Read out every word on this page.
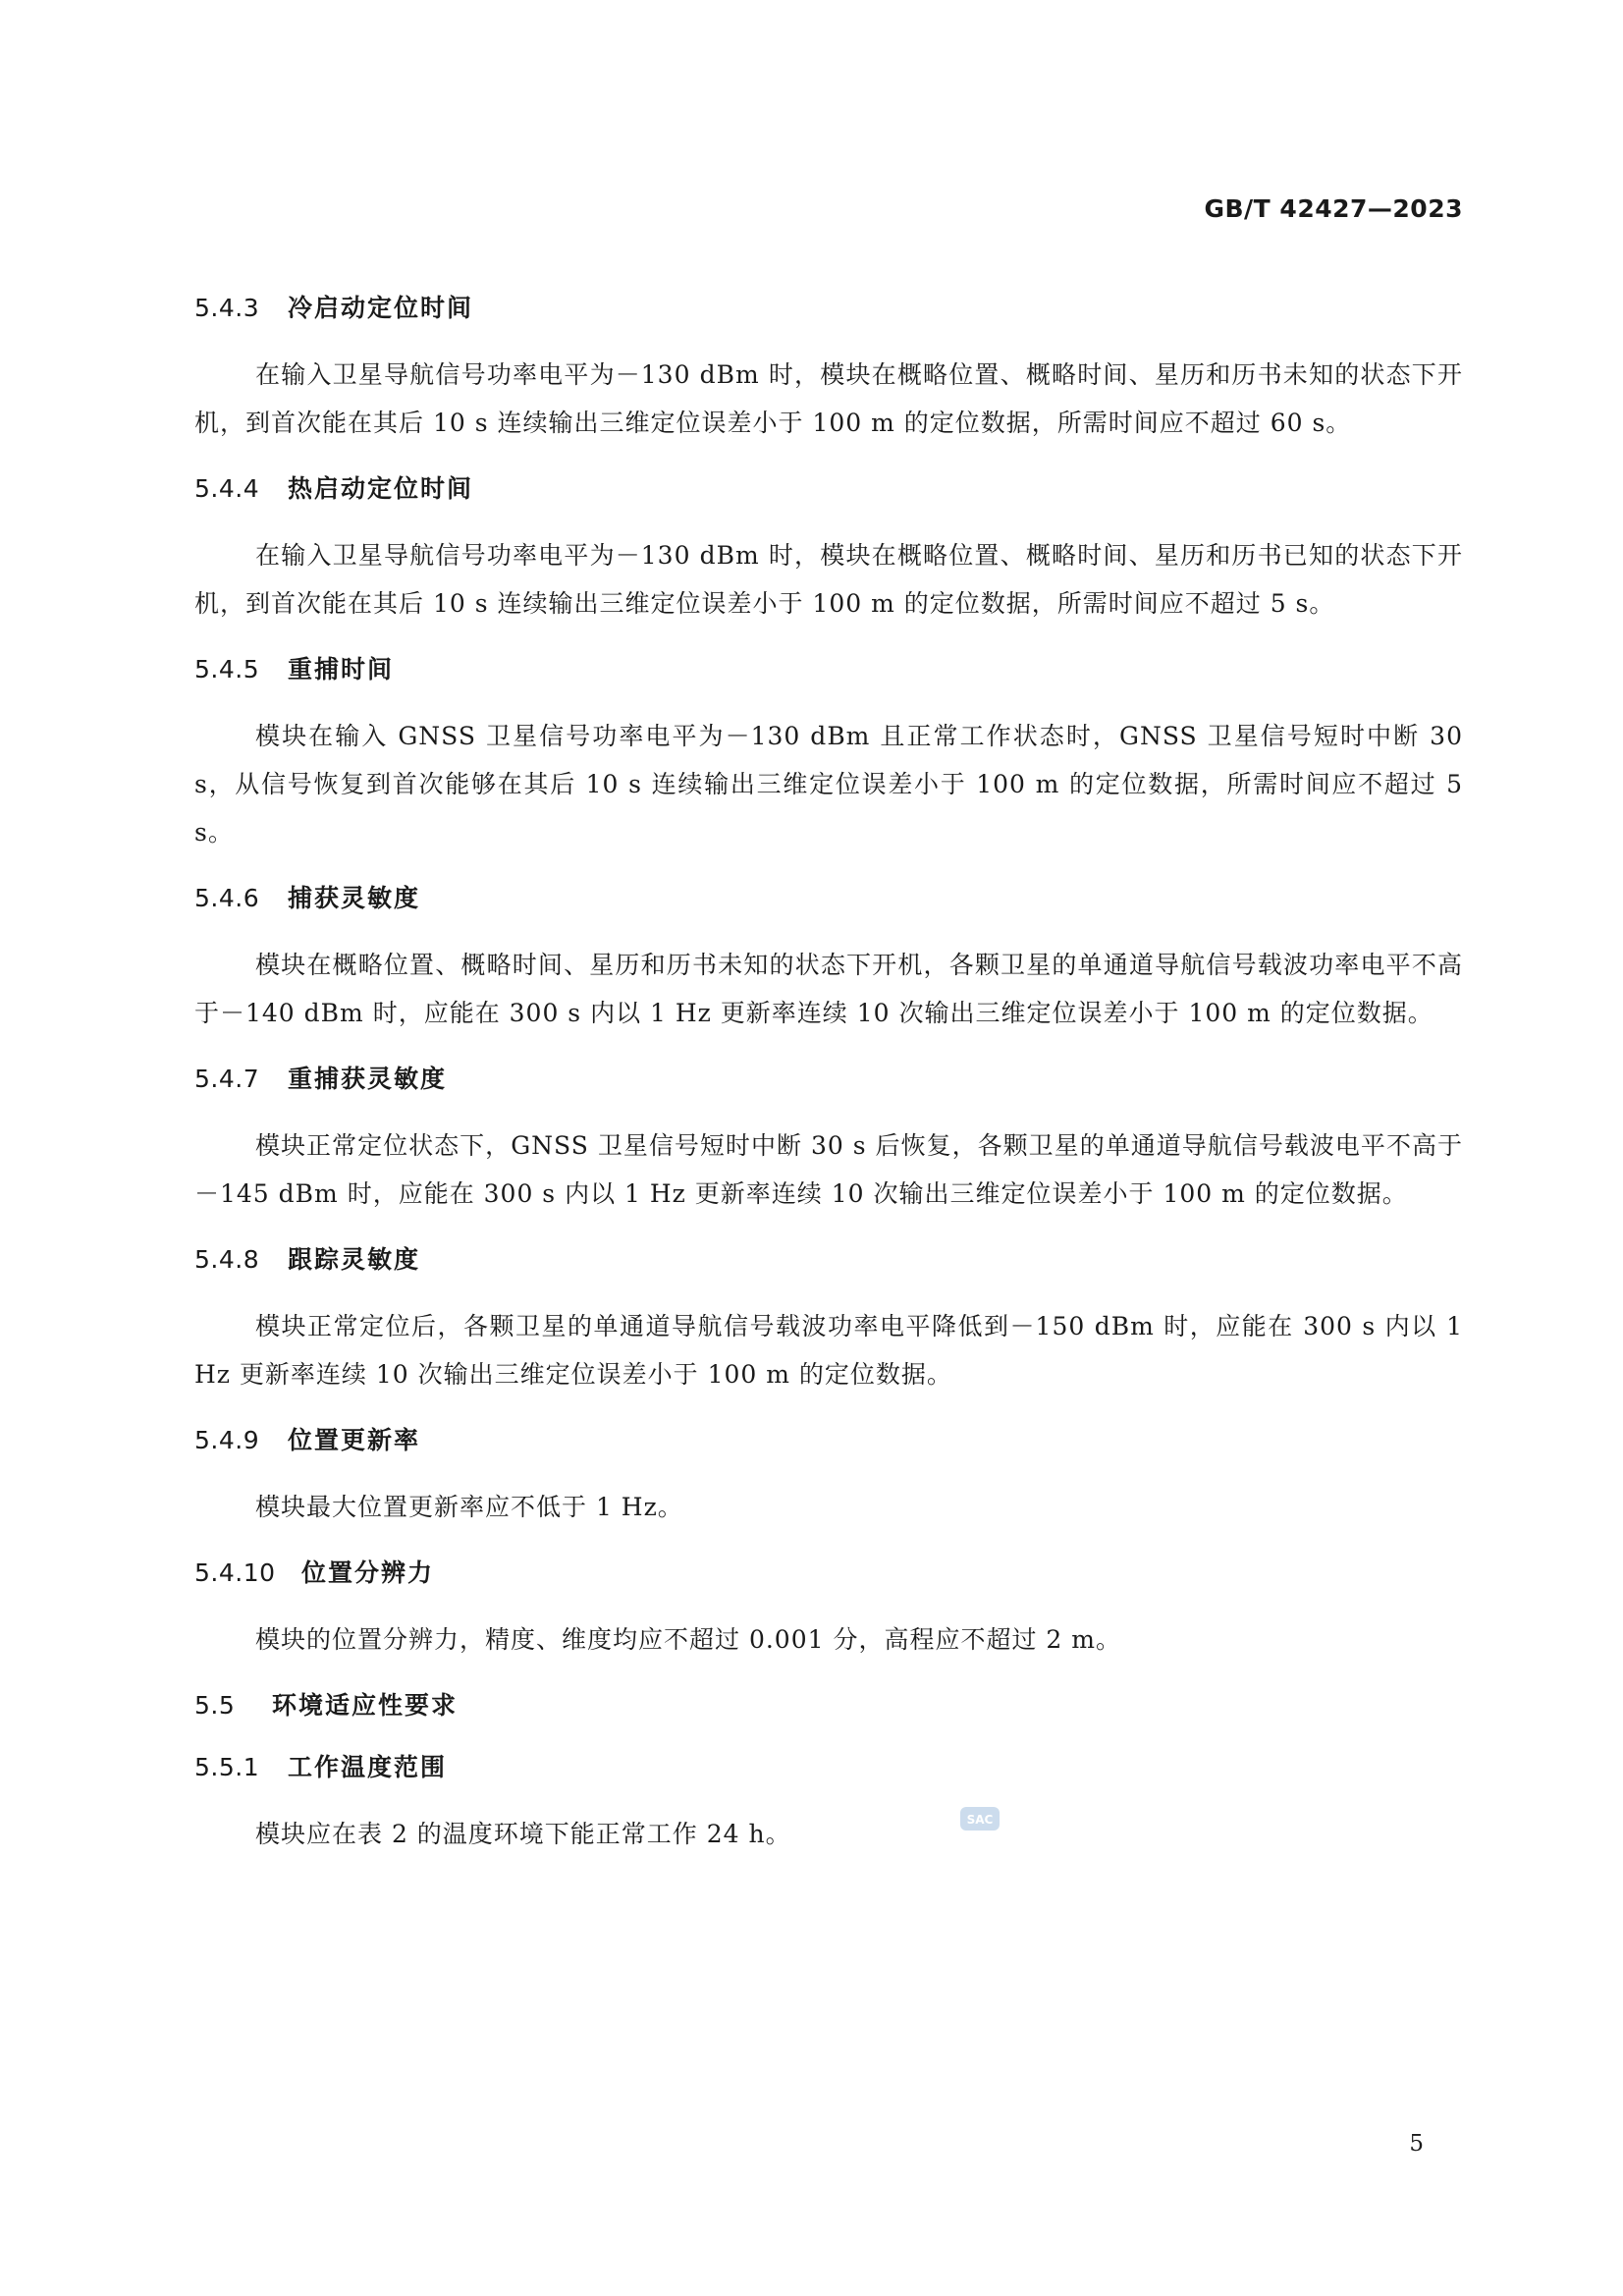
GB/T 42427—2023

5.4.3	冷启动定位时间

在输入卫星导航信号功率电平为－130 dBm 时，模块在概略位置、概略时间、星历和历书未知的状态下开机，到首次能在其后 10 s 连续输出三维定位误差小于 100 m 的定位数据，所需时间应不超过 60 s。

5.4.4	热启动定位时间

在输入卫星导航信号功率电平为－130 dBm 时，模块在概略位置、概略时间、星历和历书已知的状态下开机，到首次能在其后 10 s 连续输出三维定位误差小于 100 m 的定位数据，所需时间应不超过 5 s。

5.4.5	重捕时间

模块在输入 GNSS 卫星信号功率电平为－130 dBm 且正常工作状态时，GNSS 卫星信号短时中断 30 s，从信号恢复到首次能够在其后 10 s 连续输出三维定位误差小于 100 m 的定位数据，所需时间应不超过 5 s。

5.4.6	捕获灵敏度

模块在概略位置、概略时间、星历和历书未知的状态下开机，各颗卫星的单通道导航信号载波功率电平不高于－140 dBm 时，应能在 300 s 内以 1 Hz 更新率连续 10 次输出三维定位误差小于 100 m 的定位数据。

5.4.7	重捕获灵敏度

模块正常定位状态下，GNSS 卫星信号短时中断 30 s 后恢复，各颗卫星的单通道导航信号载波电平不高于－145 dBm 时，应能在 300 s 内以 1 Hz 更新率连续 10 次输出三维定位误差小于 100 m 的定位数据。

5.4.8	跟踪灵敏度

模块正常定位后，各颗卫星的单通道导航信号载波功率电平降低到－150 dBm 时，应能在 300 s 内以 1 Hz 更新率连续 10 次输出三维定位误差小于 100 m 的定位数据。

5.4.9	位置更新率

模块最大位置更新率应不低于 1 Hz。

5.4.10	位置分辨力

模块的位置分辨力，精度、维度均应不超过 0.001 分，高程应不超过 2 m。

5.5	环境适应性要求
5.5.1	工作温度范围

模块应在表 2 的温度环境下能正常工作 24 h。	SAC

5
